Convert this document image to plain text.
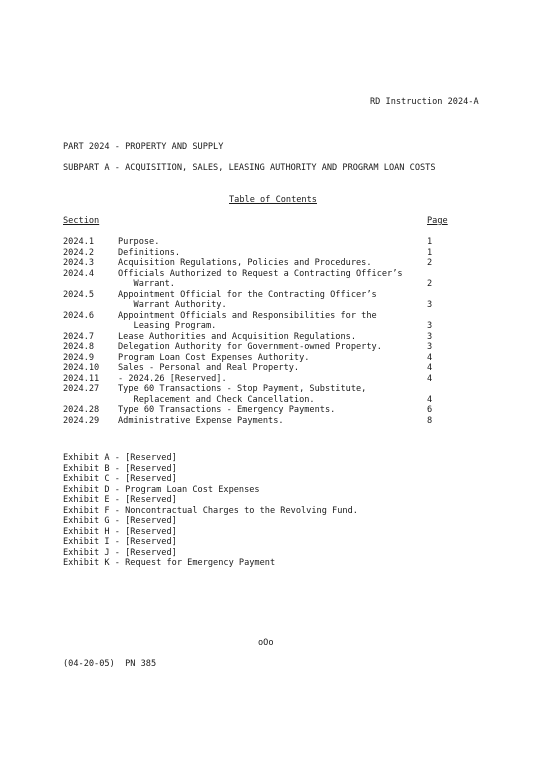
RD Instruction 2024-A
PART 2024 - PROPERTY AND SUPPLY
SUBPART A - ACQUISITION, SALES, LEASING AUTHORITY AND PROGRAM LOAN COSTS
Table of Contents
Section	Page
2024.1	Purpose.	1
2024.2	Definitions.	1
2024.3	Acquisition Regulations, Policies and Procedures.	2
2024.4	Officials Authorized to Request a Contracting Officer’s
Warrant.	2
2024.5	Appointment Official for the Contracting Officer’s
Warrant Authority.	3
2024.6	Appointment Officials and Responsibilities for the
Leasing Program.	3
2024.7	Lease Authorities and Acquisition Regulations.	3
2024.8	Delegation Authority for Government-owned Property.	3
2024.9	Program Loan Cost Expenses Authority.	4
2024.10 Sales - Personal and Real Property.	4
2024.11 - 2024.26 [Reserved].	4
2024.27 Type 60 Transactions - Stop Payment, Substitute,
Replacement and Check Cancellation.	4
2024.28 Type 60 Transactions - Emergency Payments.	6
2024.29 Administrative Expense Payments.	8
Exhibit A - [Reserved]
Exhibit B - [Reserved]
Exhibit C - [Reserved]
Exhibit D - Program Loan Cost Expenses
Exhibit E - [Reserved]
Exhibit F - Noncontractual Charges to the Revolving Fund.
Exhibit G - [Reserved]
Exhibit H - [Reserved]
Exhibit I - [Reserved]
Exhibit J - [Reserved]
Exhibit K - Request for Emergency Payment
oOo
(04-20-05)  PN 385
